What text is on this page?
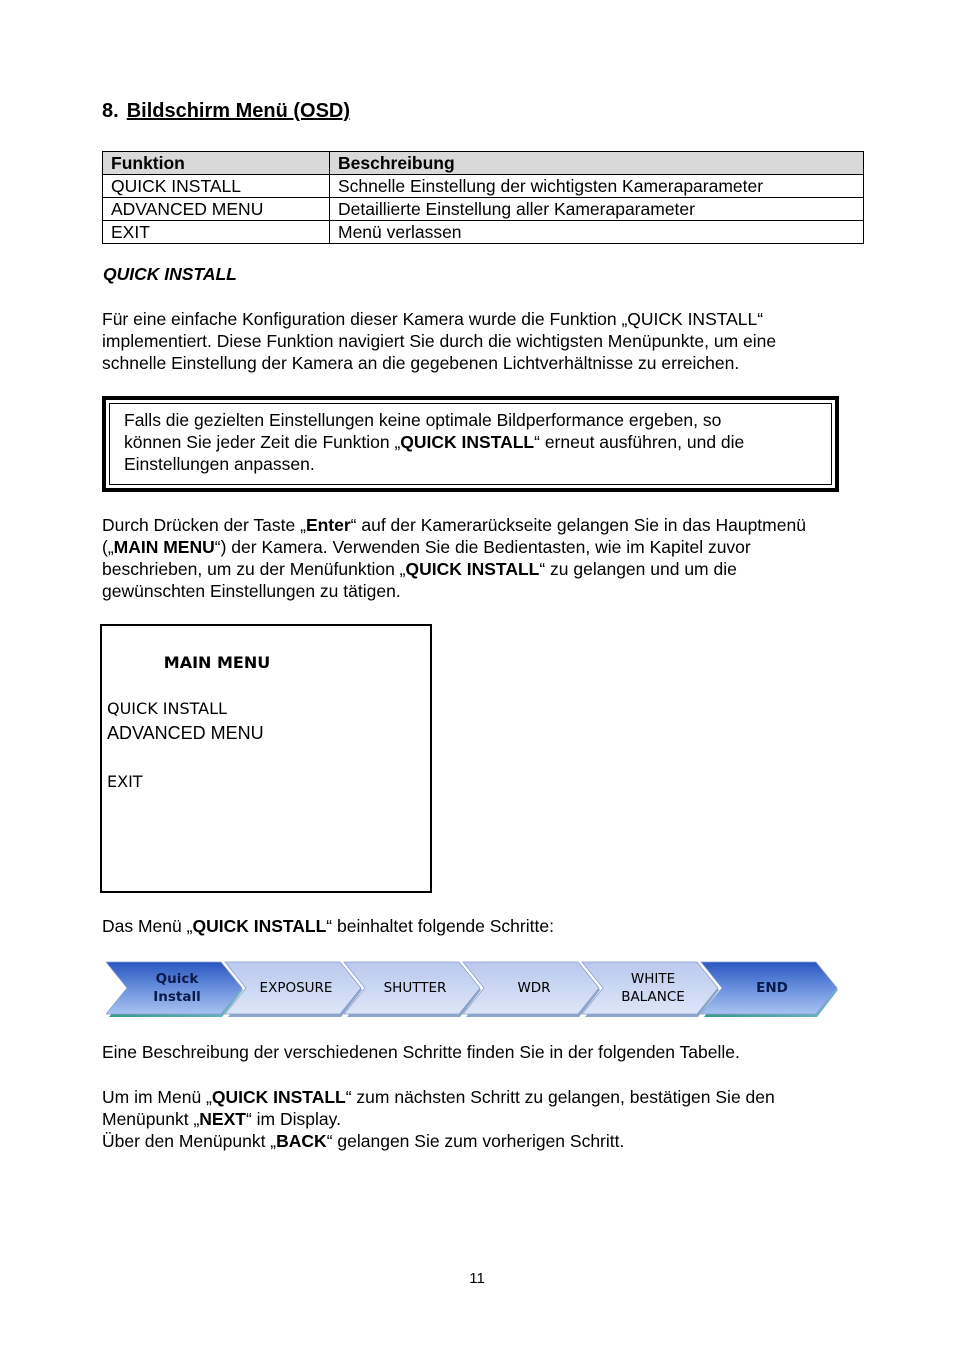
8. Bildschirm Menü (OSD)
Funktion	Beschreibung
QUICK INSTALL	Schnelle Einstellung der wichtigsten Kameraparameter
ADVANCED MENU	Detaillierte Einstellung aller Kameraparameter
EXIT	Menü verlassen
QUICK INSTALL
Für eine einfache Konfiguration dieser Kamera wurde die Funktion „QUICK INSTALL“
implementiert. Diese Funktion navigiert Sie durch die wichtigsten Menüpunkte, um eine
schnelle Einstellung der Kamera an die gegebenen Lichtverhältnisse zu erreichen.
Falls die gezielten Einstellungen keine optimale Bildperformance ergeben, so
können Sie jeder Zeit die Funktion „QUICK INSTALL“ erneut ausführen, und die
Einstellungen anpassen.
Durch Drücken der Taste „Enter“ auf der Kamerarückseite gelangen Sie in das Hauptmenü
(„MAIN MENU“) der Kamera. Verwenden Sie die Bedientasten, wie im Kapitel zuvor
beschrieben, um zu der Menüfunktion „QUICK INSTALL“ zu gelangen und um die
gewünschten Einstellungen zu tätigen.
MAIN MENU
QUICK INSTALL
ADVANCED MENU
EXIT
Das Menü „QUICK INSTALL“ beinhaltet folgende Schritte:
Quick
Install
EXPOSURE	SHUTTER	WDR
WHITE
BALANCE
END
Eine Beschreibung der verschiedenen Schritte finden Sie in der folgenden Tabelle.
Um im Menü „QUICK INSTALL“ zum nächsten Schritt zu gelangen, bestätigen Sie den
Menüpunkt „NEXT“ im Display.
Über den Menüpunkt „BACK“ gelangen Sie zum vorherigen Schritt.
11
